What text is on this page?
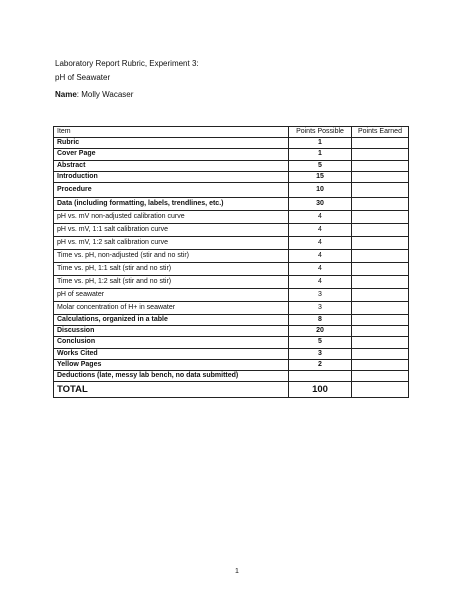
Laboratory Report Rubric, Experiment 3:
pH of Seawater
Name: Molly Wacaser
Item	Points Possible	Points Earned
Rubric	1	
Cover Page	1	
Abstract	5	
Introduction	15	
Procedure	10	
Data (including formatting, labels, trendlines, etc.)	30	
pH vs. mV non-adjusted calibration curve	4	
pH vs. mV, 1:1 salt calibration curve	4	
pH vs. mV, 1:2 salt calibration curve	4	
Time vs. pH, non-adjusted (stir and no stir)	4	
Time vs. pH, 1:1 salt (stir and no stir)	4	
Time vs. pH, 1:2 salt (stir and no stir)	4	
pH of seawater	3	
Molar concentration of H+ in seawater	3	
Calculations, organized in a table	8	
Discussion	20	
Conclusion	5	
Works Cited	3	
Yellow Pages	2	
Deductions (late, messy lab bench, no data submitted)		
TOTAL	100	
1
